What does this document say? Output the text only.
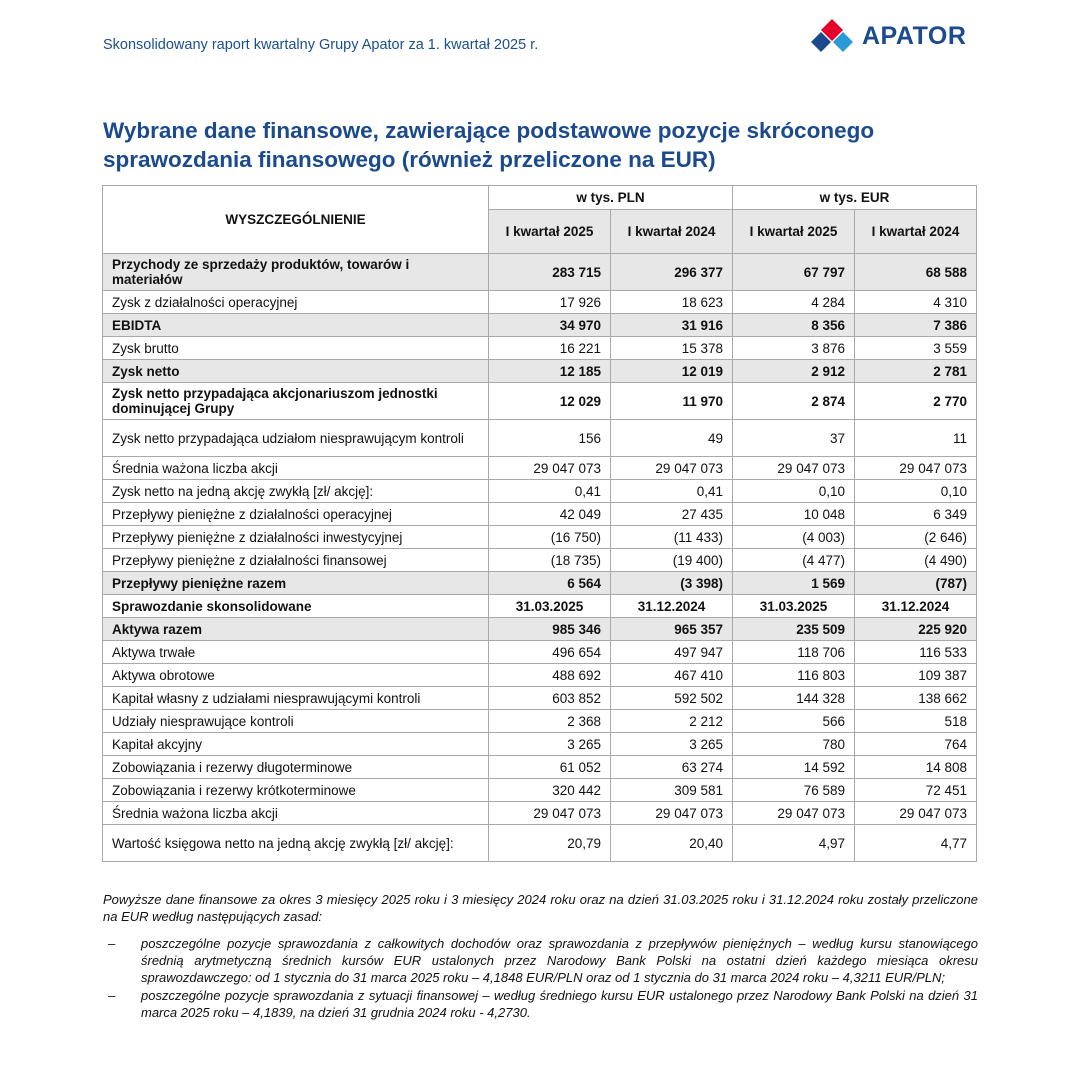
Skonsolidowany raport kwartalny Grupy Apator za 1. kwartał 2025 r.	APATOR
Wybrane dane finansowe, zawierające podstawowe pozycje skróconego
sprawozdania finansowego (również przeliczone na EUR)
WYSZCZEGÓLNIENIE	w tys. PLN		w tys. EUR	
	I kwartał 2025	I kwartał 2024	I kwartał 2025	I kwartał 2024
Przychody ze sprzedaży produktów, towarów i materiałów	283 715	296 377	67 797	68 588
Zysk z działalności operacyjnej	17 926	18 623	4 284	4 310
EBIDTA	34 970	31 916	8 356	7 386
Zysk brutto	16 221	15 378	3 876	3 559
Zysk netto	12 185	12 019	2 912	2 781
Zysk netto przypadająca akcjonariuszom jednostki dominującej Grupy	12 029	11 970	2 874	2 770
Zysk netto przypadająca udziałom niesprawującym kontroli	156	49	37	11
Średnia ważona liczba akcji	29 047 073	29 047 073	29 047 073	29 047 073
Zysk netto na jedną akcję zwykłą [zł/ akcję]:	0,41	0,41	0,10	0,10
Przepływy pieniężne z działalności operacyjnej	42 049	27 435	10 048	6 349
Przepływy pieniężne z działalności inwestycyjnej	(16 750)	(11 433)	(4 003)	(2 646)
Przepływy pieniężne z działalności finansowej	(18 735)	(19 400)	(4 477)	(4 490)
Przepływy pieniężne razem	6 564	(3 398)	1 569	(787)
Sprawozdanie skonsolidowane	31.03.2025	31.12.2024	31.03.2025	31.12.2024
Aktywa razem	985 346	965 357	235 509	225 920
Aktywa trwałe	496 654	497 947	118 706	116 533
Aktywa obrotowe	488 692	467 410	116 803	109 387
Kapitał własny z udziałami niesprawującymi kontroli	603 852	592 502	144 328	138 662
Udziały niesprawujące kontroli	2 368	2 212	566	518
Kapitał akcyjny	3 265	3 265	780	764
Zobowiązania i rezerwy długoterminowe	61 052	63 274	14 592	14 808
Zobowiązania i rezerwy krótkoterminowe	320 442	309 581	76 589	72 451
Średnia ważona liczba akcji	29 047 073	29 047 073	29 047 073	29 047 073
Wartość księgowa netto na jedną akcję zwykłą [zł/ akcję]:	20,79	20,40	4,97	4,77
Powyższe dane finansowe za okres 3 miesięcy 2025 roku i 3 miesięcy 2024 roku oraz na dzień 31.03.2025 roku i 31.12.2024 roku zostały przeliczone na EUR według następujących zasad:
–	poszczególne pozycje sprawozdania z całkowitych dochodów oraz sprawozdania z przepływów pieniężnych – według kursu stanowiącego średnią arytmetyczną średnich kursów EUR ustalonych przez Narodowy Bank Polski na ostatni dzień każdego miesiąca okresu sprawozdawczego: od 1 stycznia do 31 marca 2025 roku – 4,1848 EUR/PLN oraz od 1 stycznia do 31 marca 2024 roku – 4,3211 EUR/PLN;
–	poszczególne pozycje sprawozdania z sytuacji finansowej – według średniego kursu EUR ustalonego przez Narodowy Bank Polski na dzień 31 marca 2025 roku – 4,1839, na dzień 31 grudnia 2024 roku - 4,2730.
